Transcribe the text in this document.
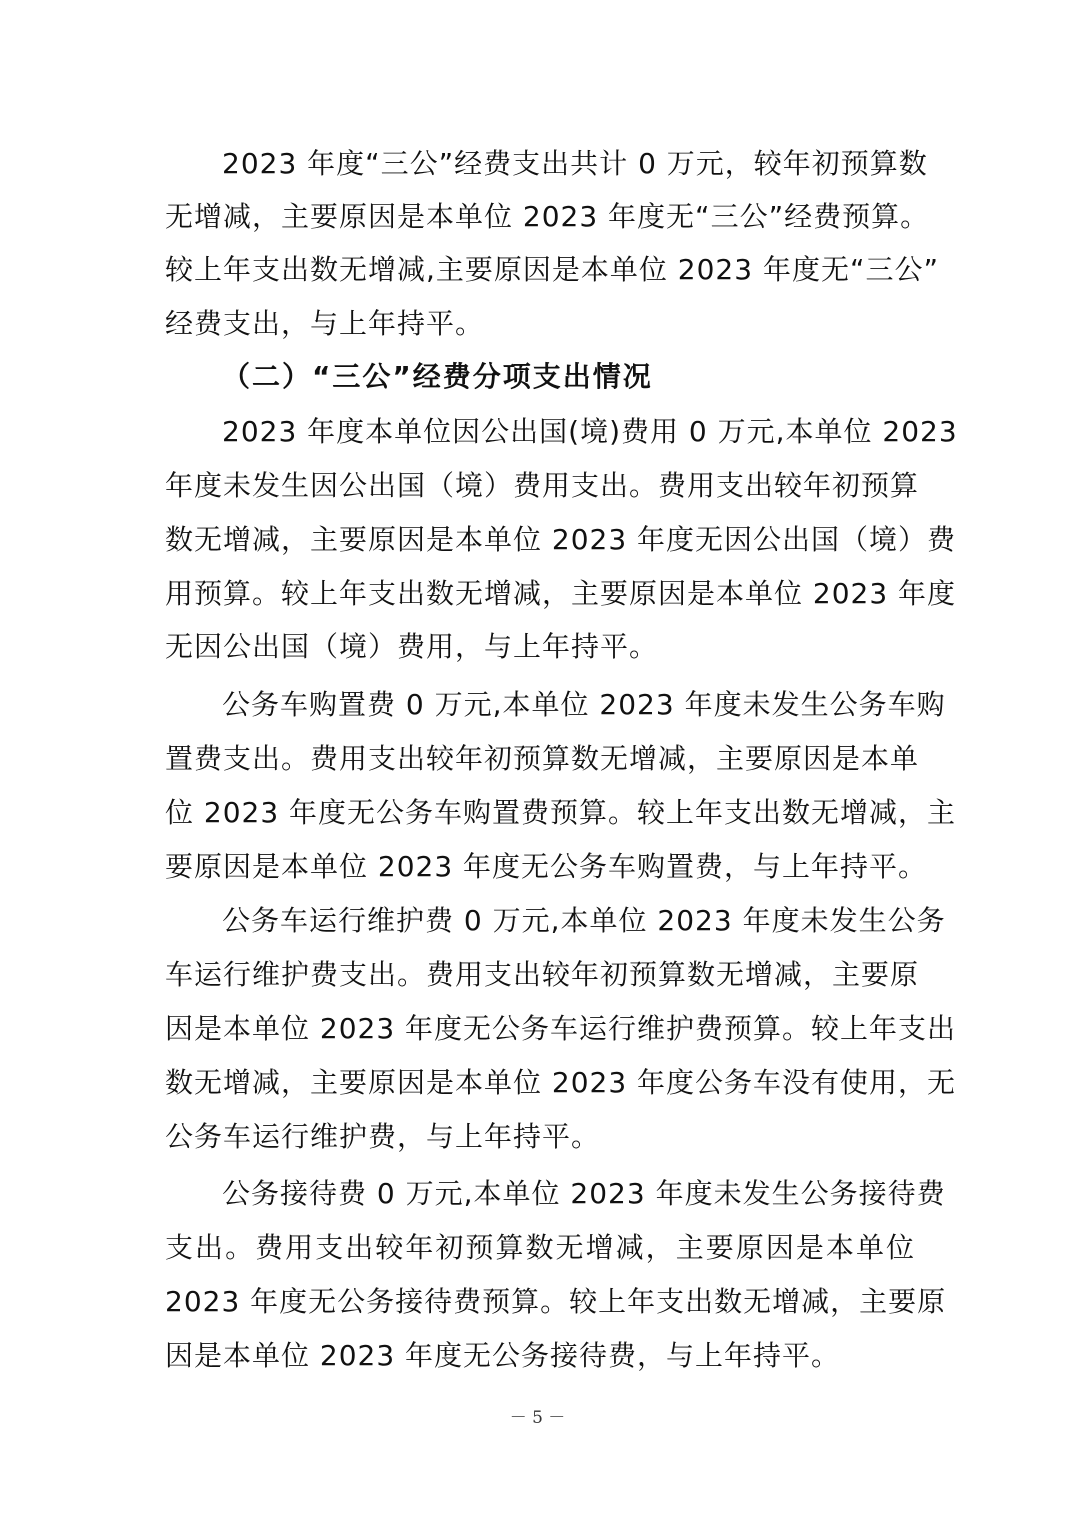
2023 年度“三公”经费支出共计 0 万元，较年初预算数
无增减，主要原因是本单位 2023 年度无“三公”经费预算。
较上年支出数无增减,主要原因是本单位 2023 年度无“三公”
经费支出，与上年持平。
（二）“三公”经费分项支出情况
2023 年度本单位因公出国(境)费用 0 万元,本单位 2023
年度未发生因公出国（境）费用支出。费用支出较年初预算
数无增减，主要原因是本单位 2023 年度无因公出国（境）费
用预算。较上年支出数无增减，主要原因是本单位 2023 年度
无因公出国（境）费用，与上年持平。
公务车购置费 0 万元,本单位 2023 年度未发生公务车购
置费支出。费用支出较年初预算数无增减，主要原因是本单
位 2023 年度无公务车购置费预算。较上年支出数无增减，主
要原因是本单位 2023 年度无公务车购置费，与上年持平。
公务车运行维护费 0 万元,本单位 2023 年度未发生公务
车运行维护费支出。费用支出较年初预算数无增减，主要原
因是本单位 2023 年度无公务车运行维护费预算。较上年支出
数无增减，主要原因是本单位 2023 年度公务车没有使用，无
公务车运行维护费，与上年持平。
公务接待费 0 万元,本单位 2023 年度未发生公务接待费
支出。费用支出较年初预算数无增减，主要原因是本单位
2023 年度无公务接待费预算。较上年支出数无增减，主要原
因是本单位 2023 年度无公务接待费，与上年持平。
－ 5 －
